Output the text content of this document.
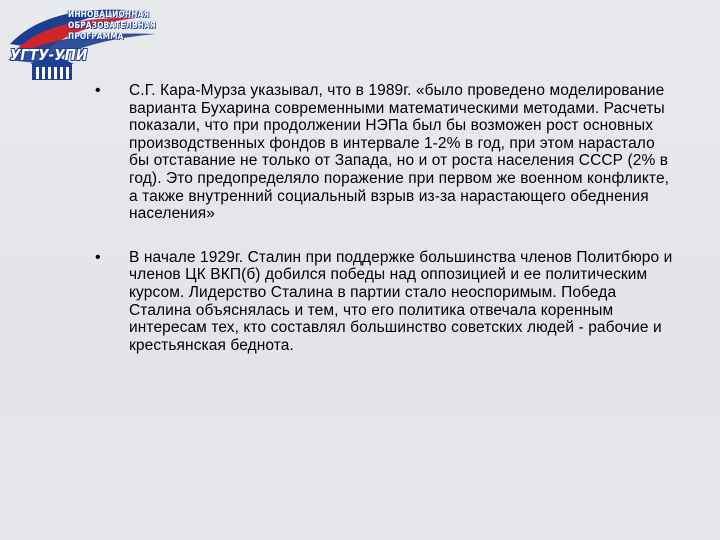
ИННОВАЦИОННАЯ
ОБРАЗОВАТЕЛЬНАЯ
ПРОГРАММА
УГТУ-УПИ
• С.Г. Кара-Мурза указывал, что в 1989г. «было проведено моделирование варианта Бухарина современными математическими методами. Расчеты показали, что при продолжении НЭПа был бы возможен рост основных производственных фондов в интервале 1-2% в год, при этом нарастало бы отставание не только от Запада, но и от роста населения СССР (2% в год). Это предопределяло поражение при первом же военном конфликте, а также внутренний социальный взрыв из-за нарастающего обеднения населения»
• В начале 1929г. Сталин при поддержке большинства членов Политбюро и членов ЦК ВКП(б) добился победы над оппозицией и ее политическим курсом. Лидерство Сталина в партии стало неоспоримым. Победа Сталина объяснялась и тем, что его политика отвечала коренным интересам тех, кто составлял большинство советских людей - рабочие и крестьянская беднота.
